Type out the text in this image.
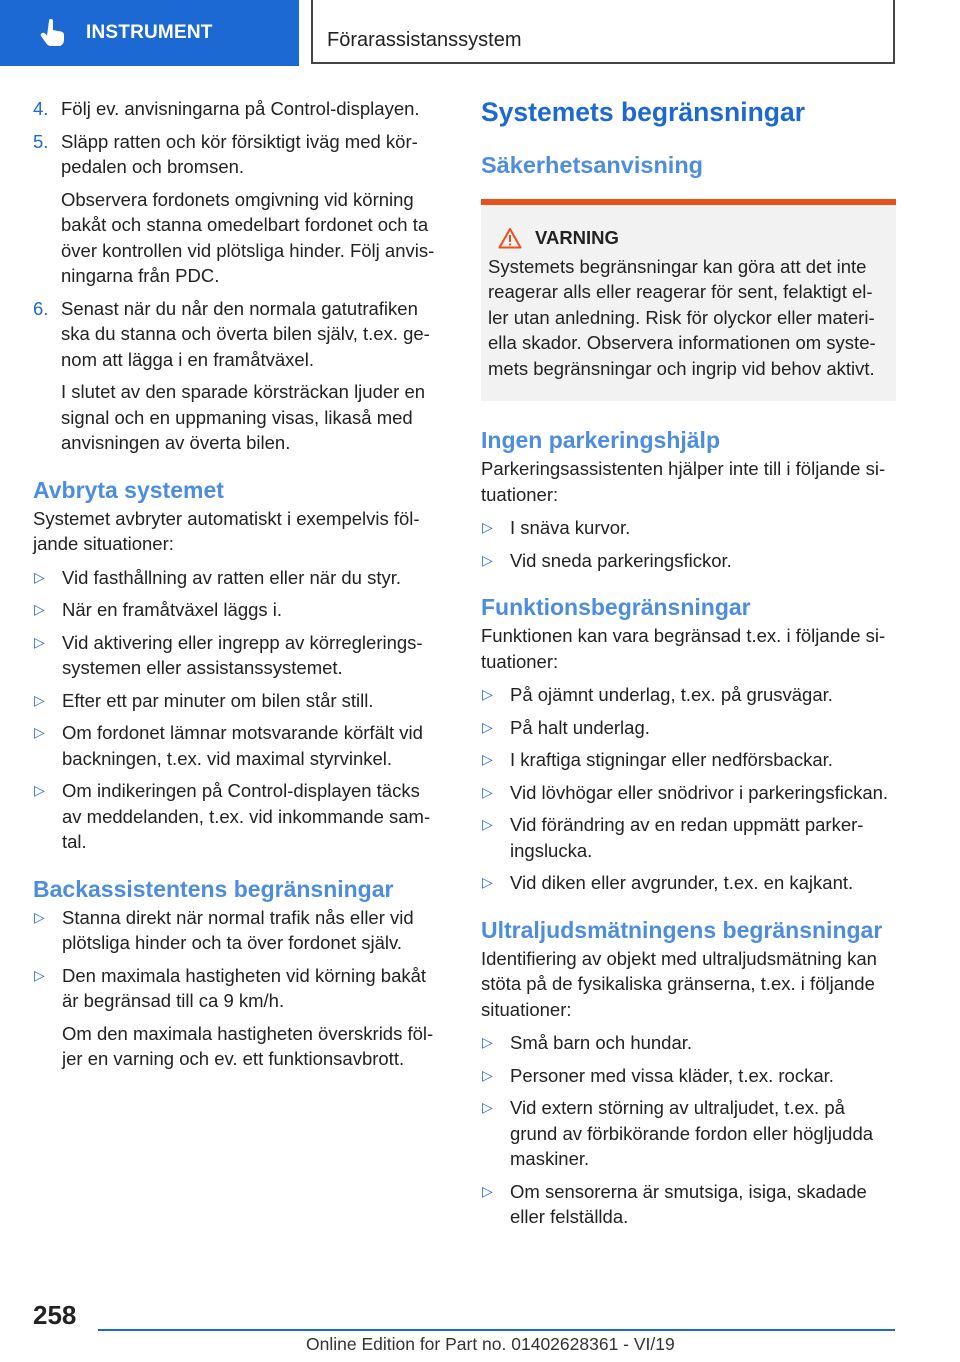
INSTRUMENT	Förarassistanssystem
4. Följ ev. anvisningarna på Control-displayen.

5. Släpp ratten och kör försiktigt iväg med kör-pedalen och bromsen.

Observera fordonets omgivning vid körning bakåt och stanna omedelbart fordonet och ta över kontrollen vid plötsliga hinder. Följ anvis-ningarna från PDC.

6. Senast när du når den normala gatutrafiken ska du stanna och överta bilen själv, t.ex. ge-nom att lägga i en framåtväxel.

I slutet av den sparade körsträckan ljuder en signal och en uppmaning visas, likaså med anvisningen av överta bilen.

Avbryta systemet

Systemet avbryter automatiskt i exempelvis föl-jande situationer:

▷ Vid fasthållning av ratten eller när du styr.

▷ När en framåtväxel läggs i.

▷ Vid aktivering eller ingrepp av körreglerings-systemen eller assistanssystemet.

▷ Efter ett par minuter om bilen står still.

▷ Om fordonet lämnar motsvarande körfält vid backningen, t.ex. vid maximal styrvinkel.

▷ Om indikeringen på Control-displayen täcks av meddelanden, t.ex. vid inkommande sam-tal.

Backassistentens begränsningar
▷ Stanna direkt när normal trafik nås eller vid plötsliga hinder och ta över fordonet själv.

▷ Den maximala hastigheten vid körning bakåt är begränsad till ca 9 km/h.

Om den maximala hastigheten överskrids föl-jer en varning och ev. ett funktionsavbrott.

Systemets begränsningar
Säkerhetsanvisning
VARNING

Systemets begränsningar kan göra att det inte reagerar alls eller reagerar för sent, felaktigt el-ler utan anledning. Risk för olyckor eller materi-ella skador. Observera informationen om syste-mets begränsningar och ingrip vid behov aktivt.

Ingen parkeringshjälp

Parkeringsassistenten hjälper inte till i följande si-tuationer:

▷ I snäva kurvor.

▷ Vid sneda parkeringsfickor.

Funktionsbegränsningar

Funktionen kan vara begränsad t.ex. i följande si-tuationer:

▷ På ojämnt underlag, t.ex. på grusvägar.

▷ På halt underlag.

▷ I kraftiga stigningar eller nedförsbackar.

▷ Vid lövhögar eller snödrivor i parkeringsfickan.

▷ Vid förändring av en redan uppmätt parker-ingslucka.

▷ Vid diken eller avgrunder, t.ex. en kajkant.

Ultraljudsmätningens begränsningar

Identifiering av objekt med ultraljudsmätning kan stöta på de fysikaliska gränserna, t.ex. i följande situationer:

▷ Små barn och hundar.

▷ Personer med vissa kläder, t.ex. rockar.

▷ Vid extern störning av ultraljudet, t.ex. på grund av förbikörande fordon eller högljudda maskiner.

▷ Om sensorerna är smutsiga, isiga, skadade eller felställda.

258
Online Edition for Part no. 01402628361 - VI/19
